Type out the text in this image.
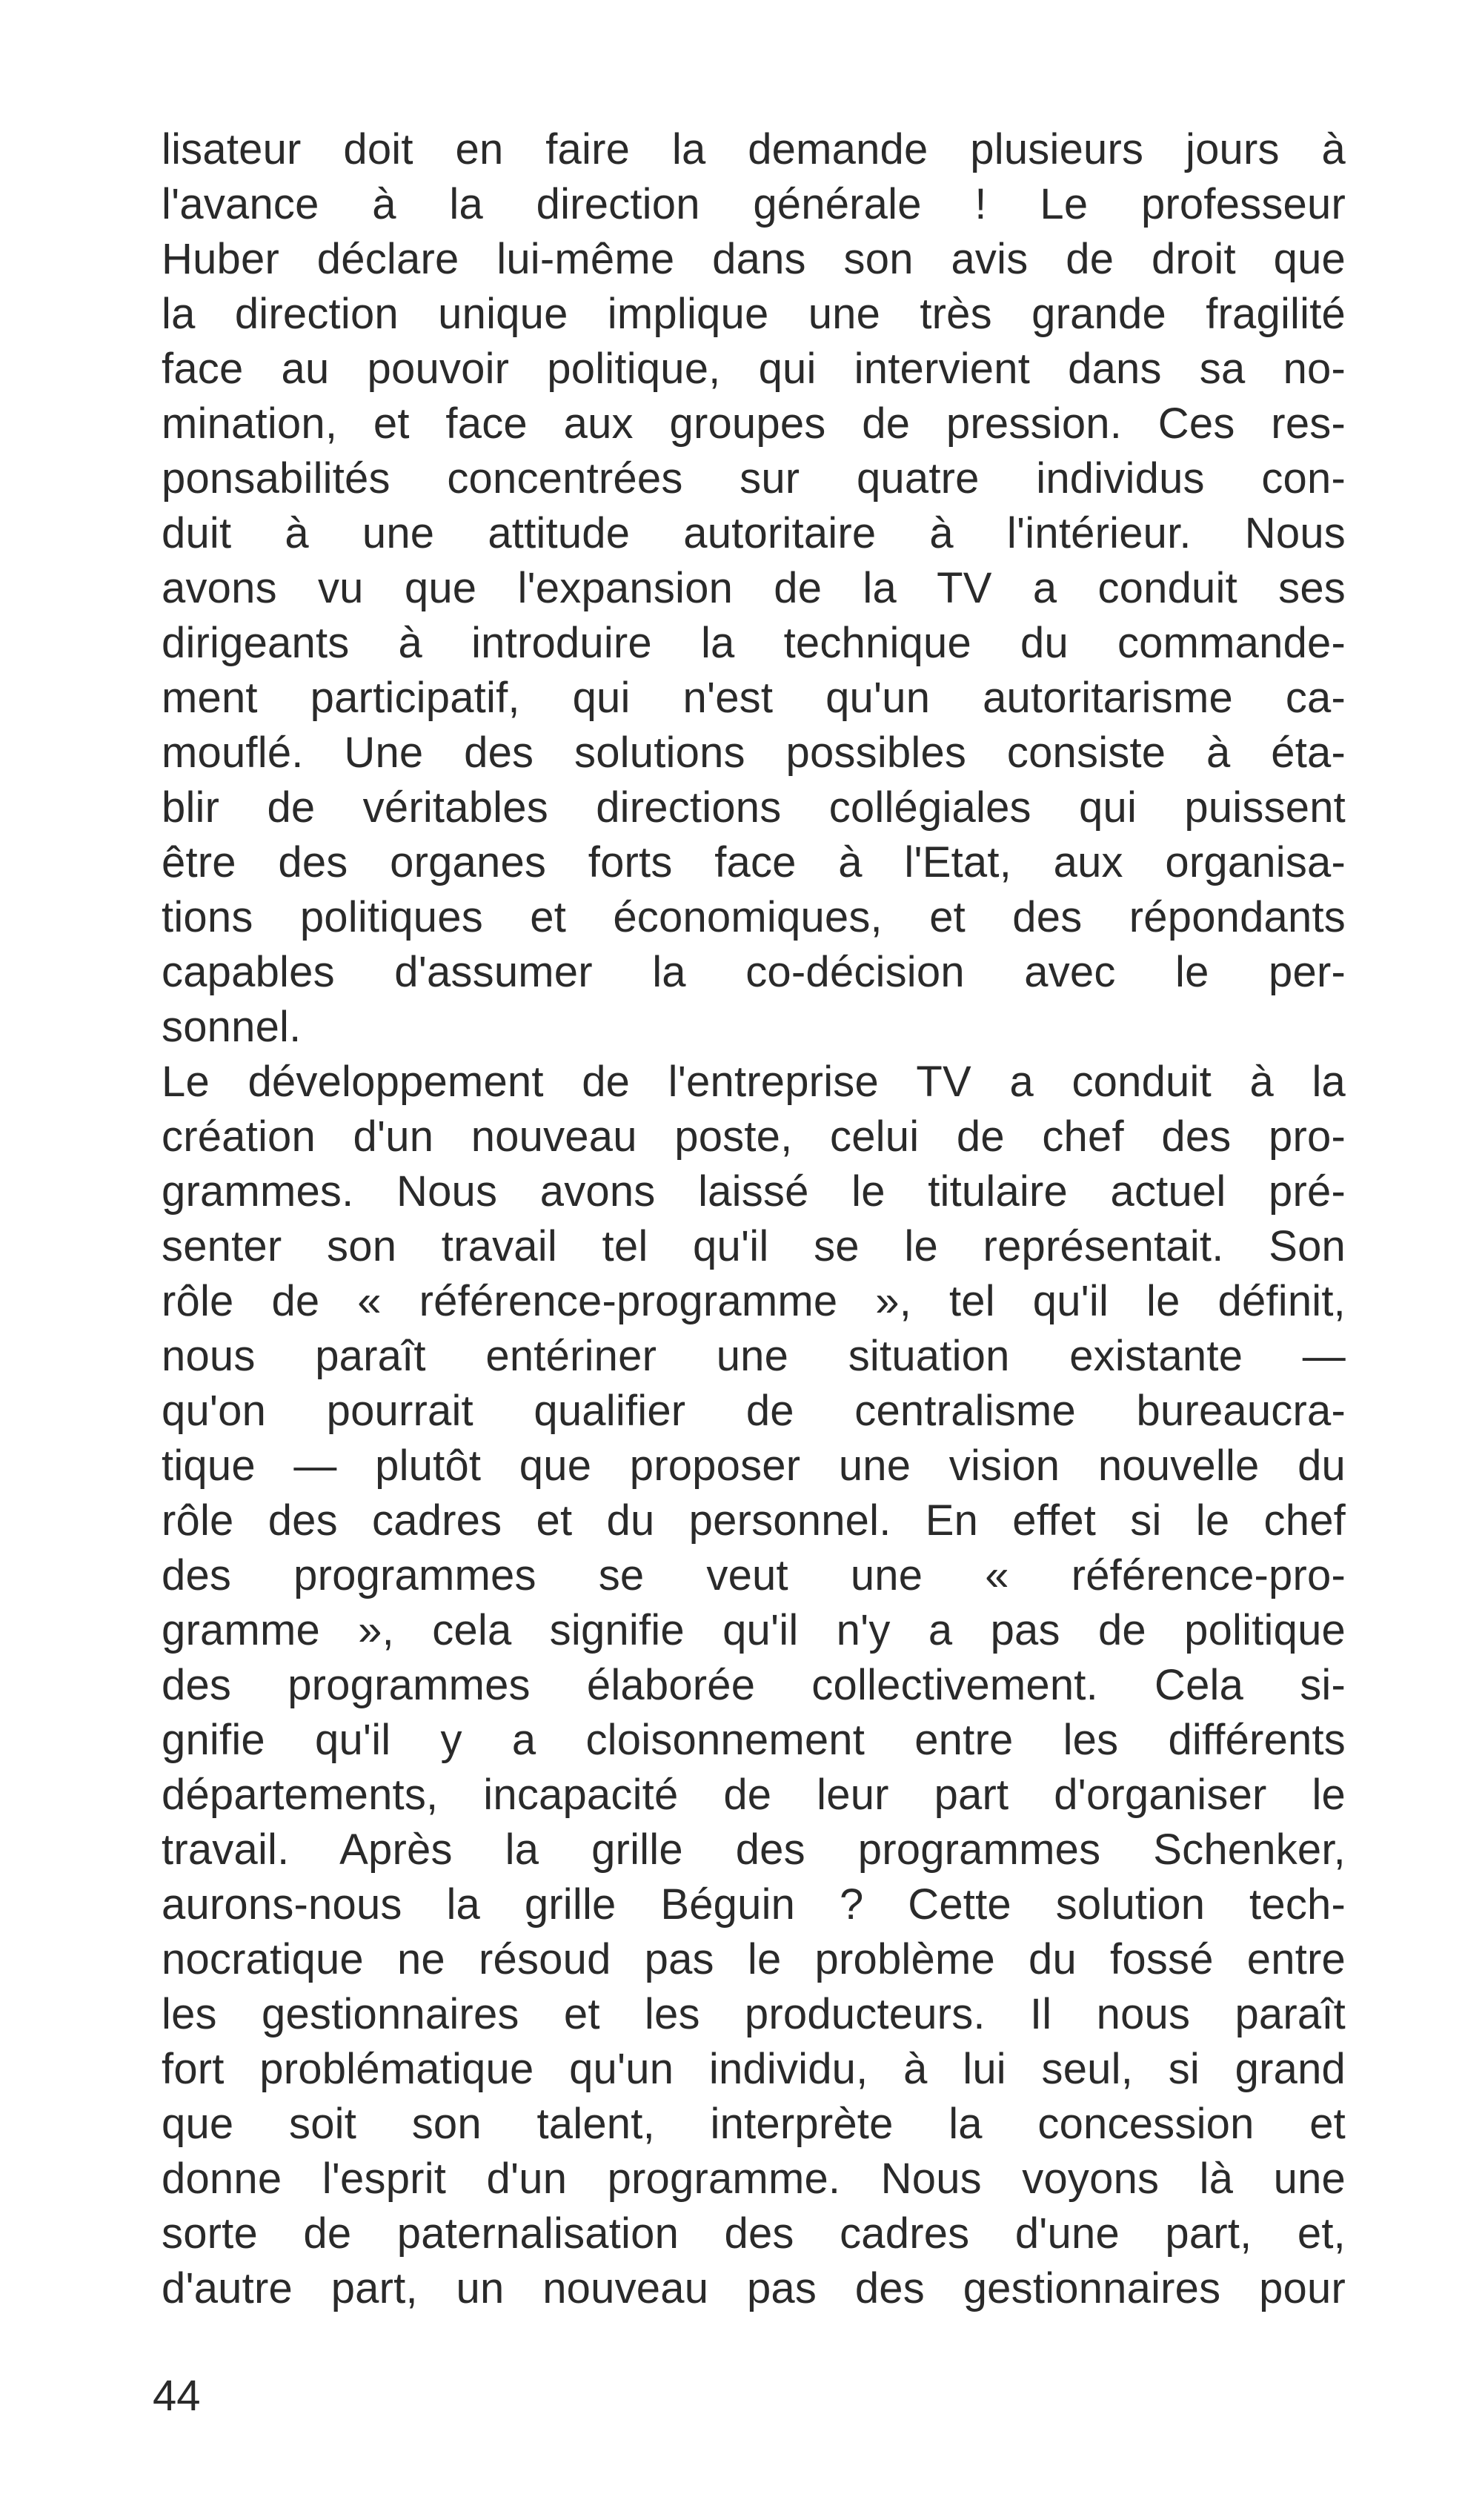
lisateur doit en faire la demande plusieurs jours à
l'avance à la direction générale ! Le professeur
Huber déclare lui-même dans son avis de droit que
la direction unique implique une très grande fragilité
face au pouvoir politique, qui intervient dans sa no-
mination, et face aux groupes de pression. Ces res-
ponsabilités concentrées sur quatre individus con-
duit à une attitude autoritaire à l'intérieur. Nous
avons vu que l'expansion de la TV a conduit ses
dirigeants à introduire la technique du commande-
ment participatif, qui n'est qu'un autoritarisme ca-
mouflé. Une des solutions possibles consiste à éta-
blir de véritables directions collégiales qui puissent
être des organes forts face à l'Etat, aux organisa-
tions politiques et économiques, et des répondants
capables d'assumer la co-décision avec le per-
sonnel.
Le développement de l'entreprise TV a conduit à la
création d'un nouveau poste, celui de chef des pro-
grammes. Nous avons laissé le titulaire actuel pré-
senter son travail tel qu'il se le représentait. Son
rôle de « référence-programme », tel qu'il le définit,
nous paraît entériner une situation existante —
qu'on pourrait qualifier de centralisme bureaucra-
tique — plutôt que proposer une vision nouvelle du
rôle des cadres et du personnel. En effet si le chef
des programmes se veut une « référence-pro-
gramme », cela signifie qu'il n'y a pas de politique
des programmes élaborée collectivement. Cela si-
gnifie qu'il y a cloisonnement entre les différents
départements, incapacité de leur part d'organiser le
travail. Après la grille des programmes Schenker,
aurons-nous la grille Béguin ? Cette solution tech-
nocratique ne résoud pas le problème du fossé entre
les gestionnaires et les producteurs. Il nous paraît
fort problématique qu'un individu, à lui seul, si grand
que soit son talent, interprète la concession et
donne l'esprit d'un programme. Nous voyons là une
sorte de paternalisation des cadres d'une part, et,
d'autre part, un nouveau pas des gestionnaires pour
44
